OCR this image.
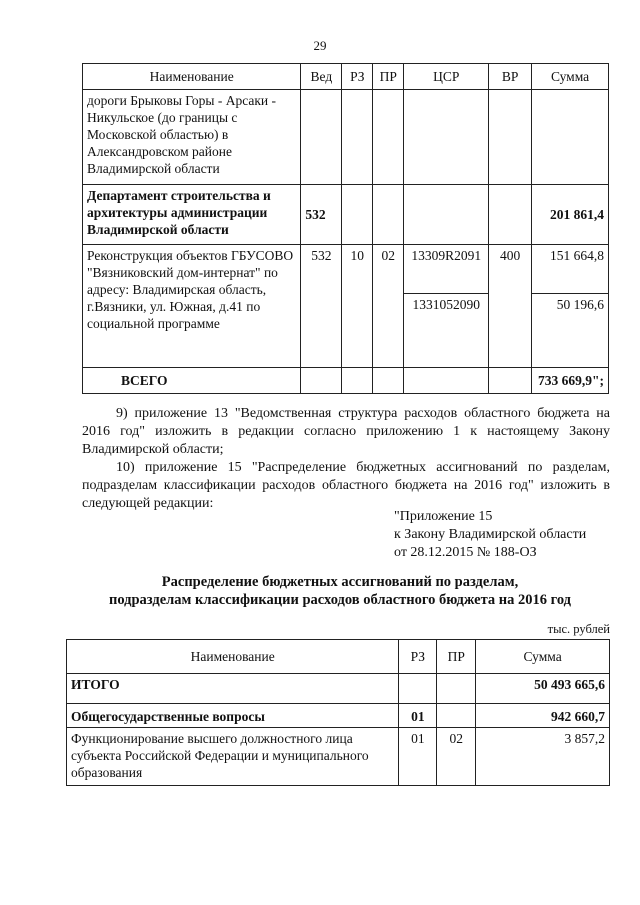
29
Наименование	Вед	РЗ	ПР	ЦСР	ВР	Сумма
дороги Брыковы Горы - Арсаки - Никульское (до границы с Московской областью) в Александровском районе Владимирской области						
Департамент строительства и архитектуры администрации Владимирской области	532					201 861,4
Реконструкция объектов ГБУСОВО "Вязниковский дом-интернат" по адресу: Владимирская область, г.Вязники, ул. Южная, д.41 по социальной программе	532	10	02	13309R2091	400	151 664,8
				1331052090		50 196,6
ВСЕГО						733 669,9";
9) приложение 13 "Ведомственная структура расходов областного бюджета на 2016 год" изложить в редакции согласно приложению 1 к настоящему Закону Владимирской области;
10) приложение 15 "Распределение бюджетных ассигнований по разделам, подразделам классификации расходов областного бюджета на 2016 год" изложить в следующей редакции:
"Приложение 15
к Закону Владимирской области
от 28.12.2015 № 188-ОЗ
Распределение бюджетных ассигнований по разделам,
подразделам классификации расходов областного бюджета на 2016 год
тыс. рублей
Наименование	РЗ	ПР	Сумма
ИТОГО			50 493 665,6
Общегосударственные вопросы	01		942 660,7
Функционирование высшего должностного лица субъекта Российской Федерации и муниципального образования	01	02	3 857,2
